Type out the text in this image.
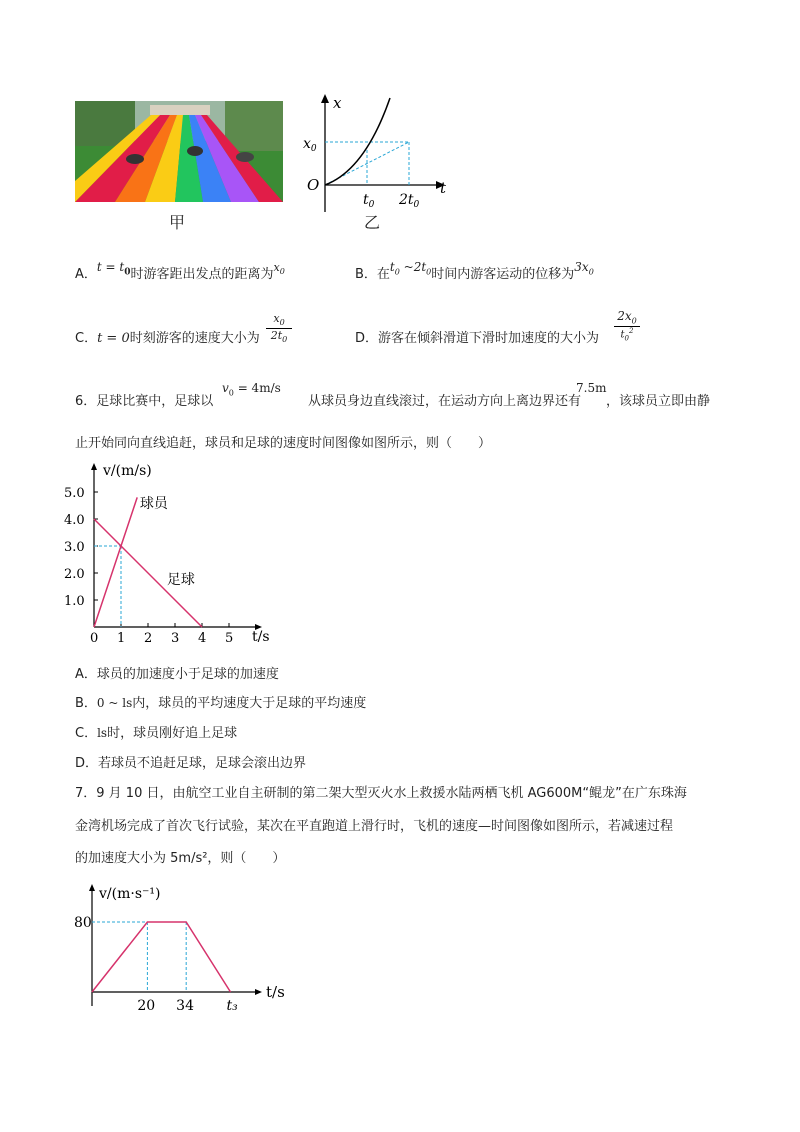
甲
x
t
O
$x_0$
$t_0$ $2t_0$
乙
A．$t = t_0$时游客距出发点的距离为$^{x_0}$	B．在$t_0$ $\sim 2t_0$时间内游客运动的位移为$3x_0$
C．t = 0时刻游客的速度大小为
$x_0$
$2t_0$	D．游客在倾斜滑道下滑时加速度的大小为
$2x_0$
$t_0^2$
6．足球比赛中，足球以
$v_0 = 4m/s$
从球员身边直线滚过，在运动方向上离边界还有
7.5m
，该球员立即由静
止开始同向直线追赶，球员和足球的速度时间图像如图所示，则（　　）
v/(m/s)
t/s
0 1 2 3 4 5
1.0
2.0
3.0
4.0
5.0
球员
足球
A．球员的加速度小于足球的加速度
B．0 ~ ls内，球员的平均速度大于足球的平均速度
C．ls时，球员刚好追上足球
D．若球员不追赶足球，足球会滚出边界
7．9 月 10 日，由航空工业自主研制的第二架大型灭火水上救援水陆两栖飞机 AG600M“鲲龙”在广东珠海
金湾机场完成了首次飞行试验，某次在平直跑道上滑行时，飞机的速度—时间图像如图所示，若减速过程
的加速度大小为 5m/s²，则（　　）
v/(m·s⁻¹)
t/s
80
20 34 t₃
